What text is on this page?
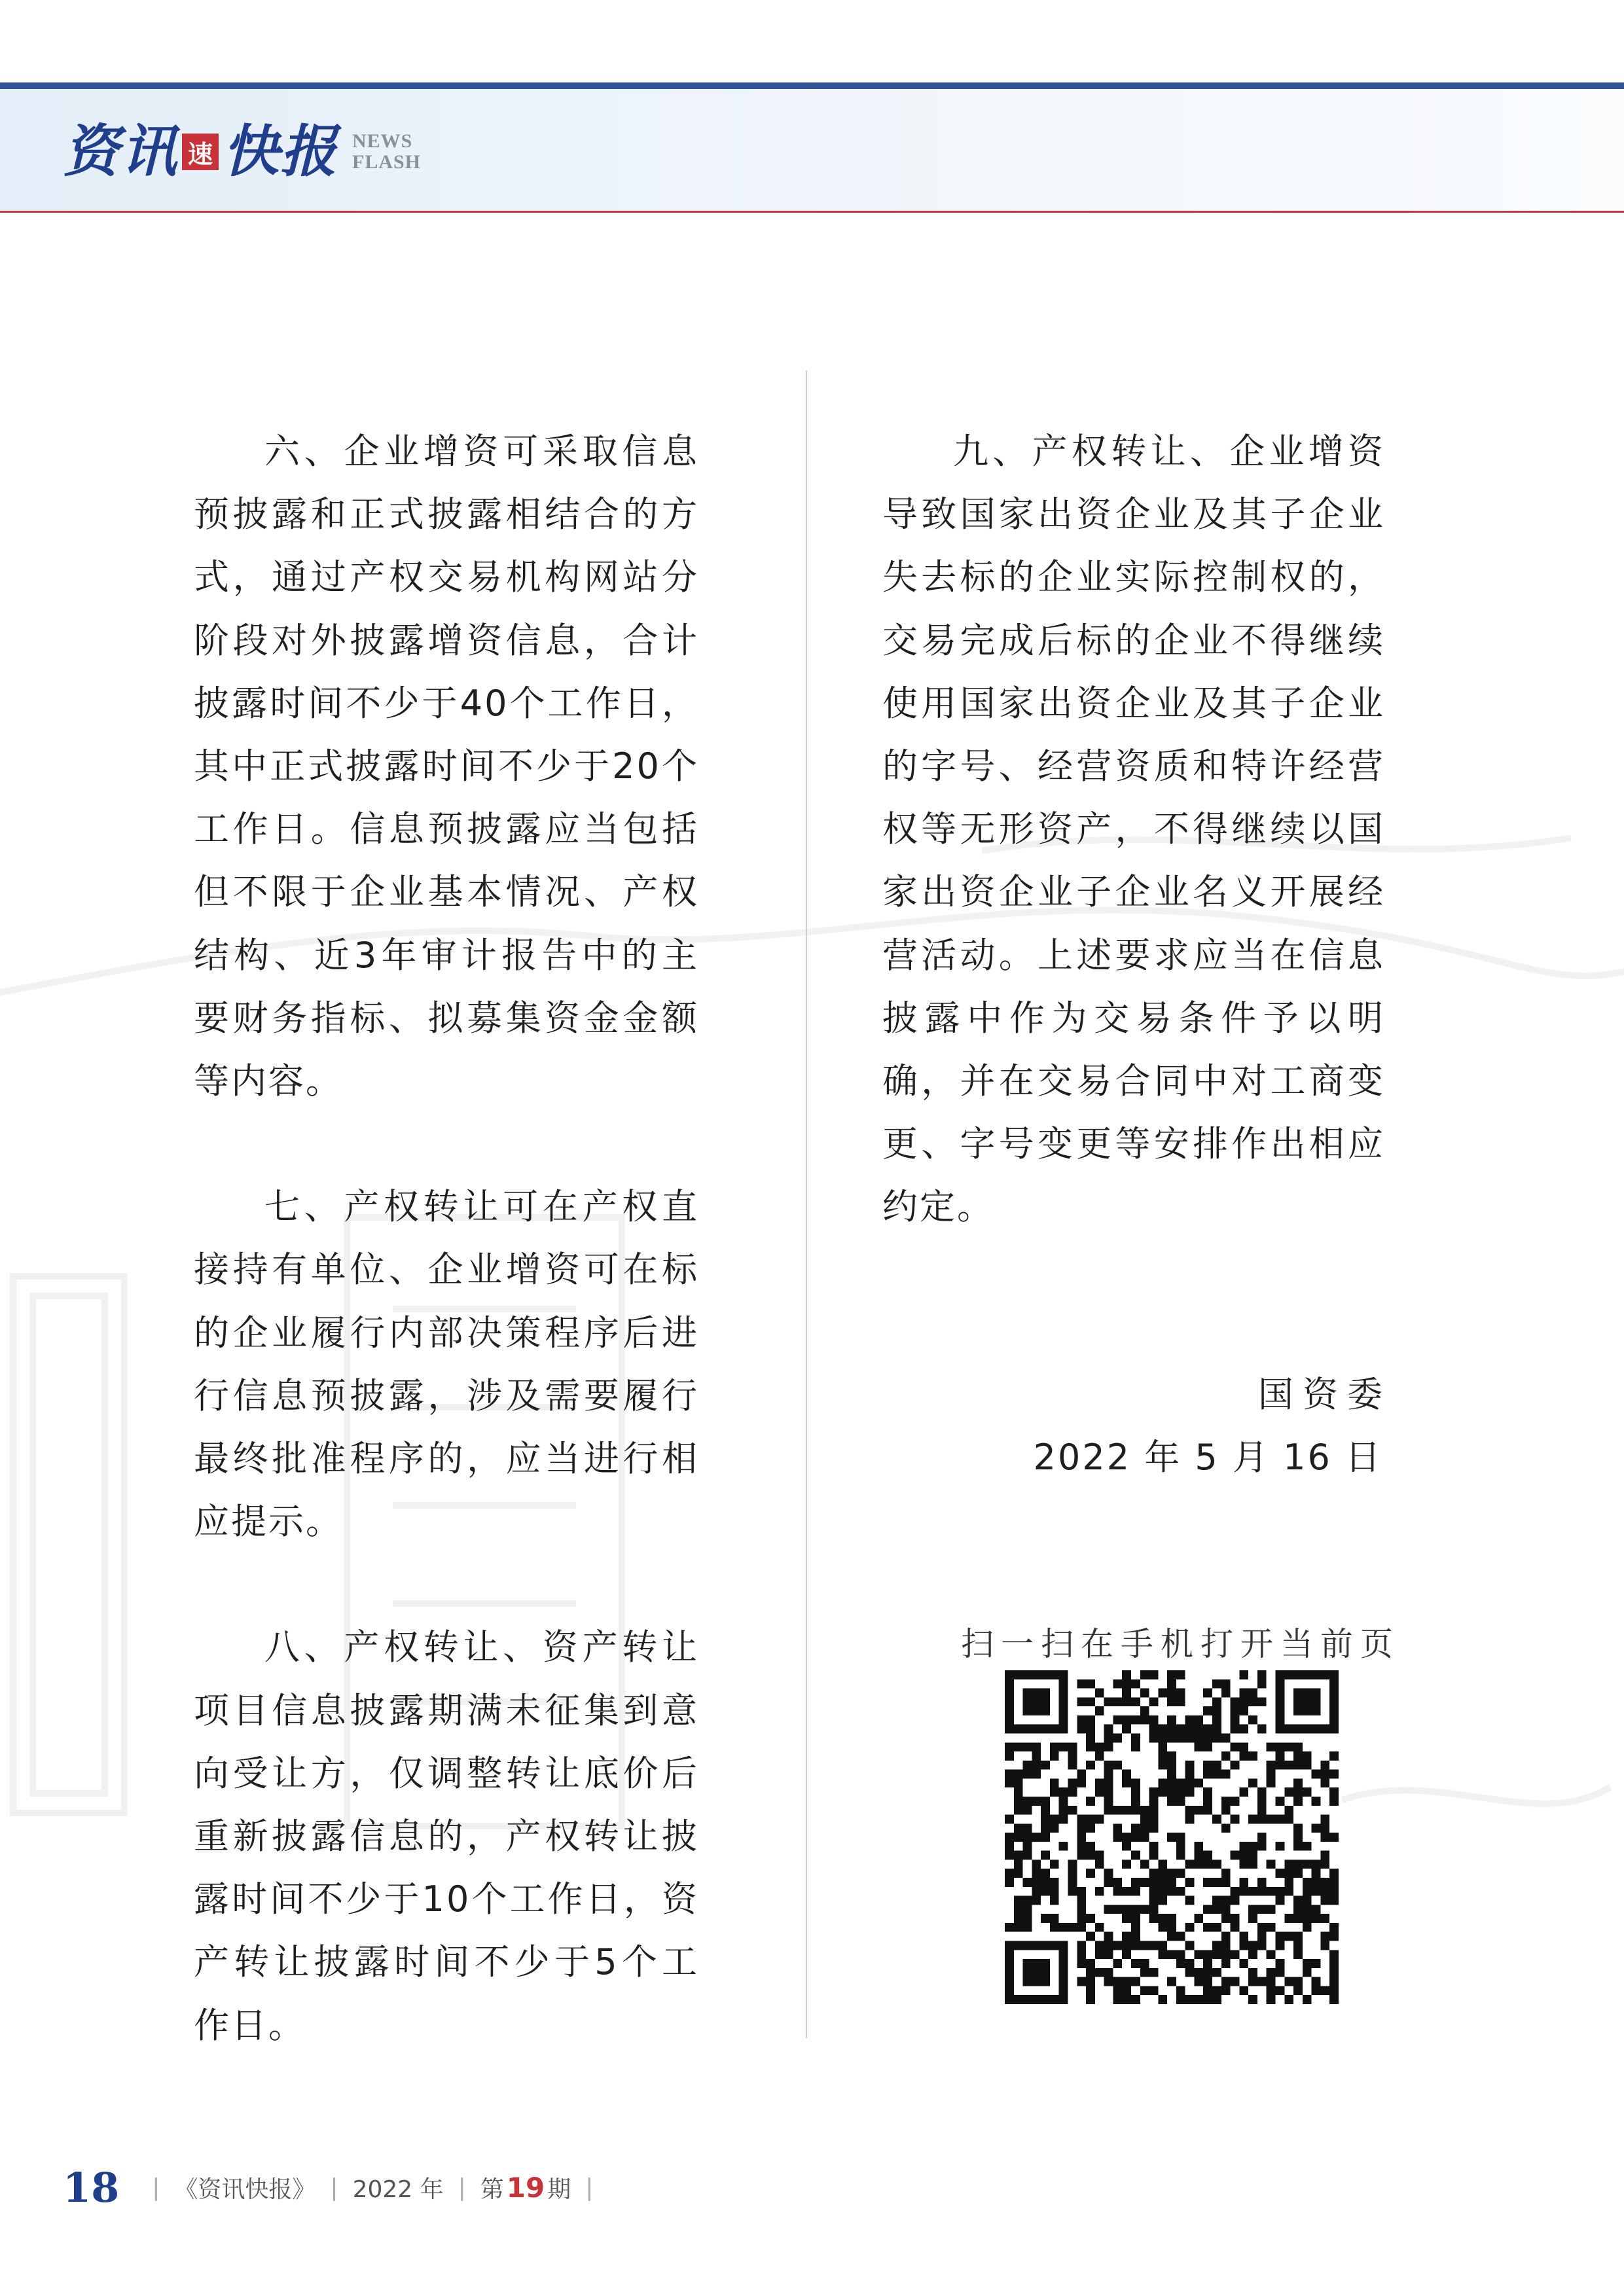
资讯 速 快报 NEWS
FLASH

六、企业增资可采取信息预披露和正式披露相结合的方式，通过产权交易机构网站分阶段对外披露增资信息，合计披露时间不少于40个工作日，其中正式披露时间不少于20个工作日。信息预披露应当包括但不限于企业基本情况、产权结构、近3年审计报告中的主要财务指标、拟募集资金金额等内容。

七、产权转让可在产权直接持有单位、企业增资可在标的企业履行内部决策程序后进行信息预披露，涉及需要履行最终批准程序的，应当进行相应提示。

八、产权转让、资产转让项目信息披露期满未征集到意向受让方，仅调整转让底价后重新披露信息的，产权转让披露时间不少于10个工作日，资产转让披露时间不少于5个工作日。

九、产权转让、企业增资导致国家出资企业及其子企业失去标的企业实际控制权的，交易完成后标的企业不得继续使用国家出资企业及其子企业的字号、经营资质和特许经营权等无形资产，不得继续以国家出资企业子企业名义开展经营活动。上述要求应当在信息披露中作为交易条件予以明确，并在交易合同中对工商变更、字号变更等安排作出相应约定。

国资委
2022 年 5 月 16 日
扫一扫在手机打开当前页
18 | 《资讯快报》 | 2022 年 | 第 19 期 |
